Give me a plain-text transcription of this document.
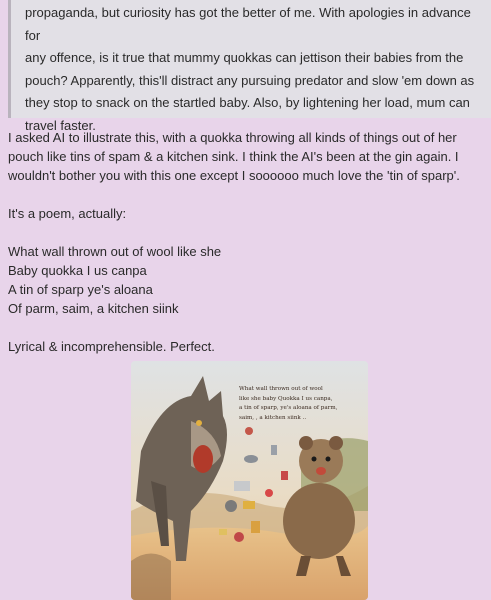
propaganda, but curiosity has got the better of me. With apologies in advance for

any offence, is it true that mummy quokkas can jettison their babies from the

pouch? Apparently, this'll distract any pursuing predator and slow 'em down as

they stop to snack on the startled baby. Also, by lightening her load, mum can

travel faster.

I asked AI to illustrate this, with a quokka throwing all kinds of things out of her pouch like tins of spam & a kitchen sink. I think the AI's been at the gin again. I wouldn't bother you with this one except I soooooo much love the 'tin of sparp'.

It's a poem, actually:

What wall thrown out of wool like she

Baby quokka I us canpa

A tin of sparp ye's aloana

Of parm, saim, a kitchen siink

Lyrical & incomprehensible. Perfect.

What wall thrown out of wool
like she baby Quokka I us canpa,
a tin of sparp, ye's aloana of parm,
saim, , a kitchen siink ..
